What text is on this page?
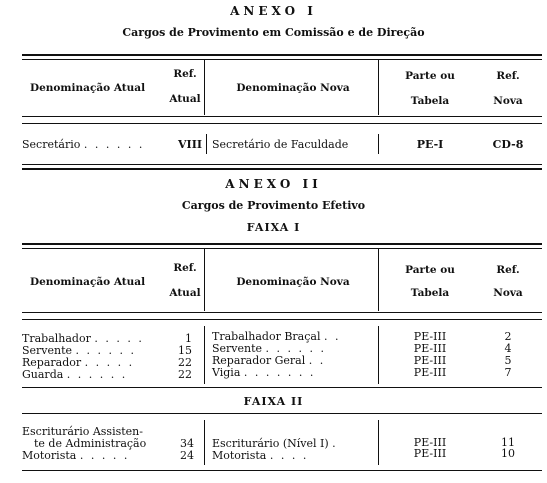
ANEXO I
Cargos de Provimento em Comissão e de Direção
Denominação Atual
Ref.
Atual
Denominação Nova
Parte ou
Tabela
Ref.
Nova
Secretário . . . . . .	VIII Secretário de Faculdade	PE-I	CD-8
ANEXO II
Cargos de Provimento Efetivo
FAIXA I
Denominação Atual
Ref.
Atual
Denominação Nova
Parte ou
Tabela
Ref.
Nova
Trabalhador . . . . .	1 Trabalhador Braçal . .	PE-III	2
Servente . . . . . .	15 Servente . . . . . .	PE-III	4
Reparador . . . . .	22 Reparador Geral . .	PE-III	5
Guarda . . . . . .	22 Vigia . . . . . . .	PE-III	7
FAIXA II
Escriturário Assisten-
te de Administração	34 Escriturário (Nível I) .	PE-III	11
Motorista . . . . .	24 Motorista . . . .	PE-III	10
